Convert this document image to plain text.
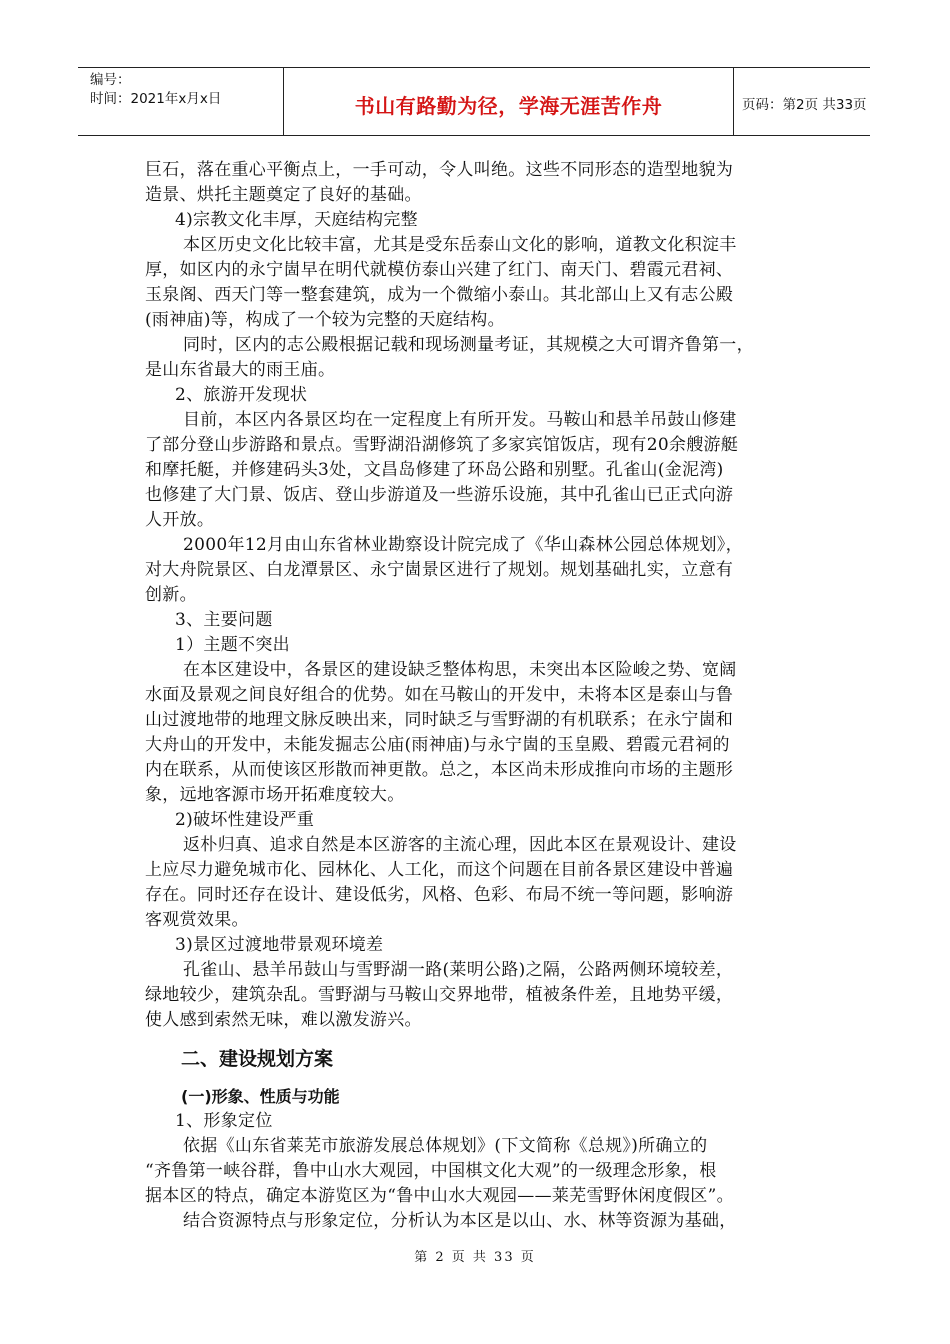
编号：
时间：2021年x月x日	书山有路勤为径，学海无涯苦作舟	页码：第2页 共33页
巨石，落在重心平衡点上，一手可动，令人叫绝。这些不同形态的造型地貌为
造景、烘托主题奠定了良好的基础。
4)宗教文化丰厚，天庭结构完整
本区历史文化比较丰富，尤其是受东岳泰山文化的影响，道教文化积淀丰
厚，如区内的永宁崮早在明代就模仿泰山兴建了红门、南天门、碧霞元君祠、
玉泉阁、西天门等一整套建筑，成为一个微缩小泰山。其北部山上又有志公殿
(雨神庙)等，构成了一个较为完整的天庭结构。
同时，区内的志公殿根据记载和现场测量考证，其规模之大可谓齐鲁第一，
是山东省最大的雨王庙。
2、旅游开发现状
目前，本区内各景区均在一定程度上有所开发。马鞍山和悬羊吊鼓山修建
了部分登山步游路和景点。雪野湖沿湖修筑了多家宾馆饭店，现有20余艘游艇
和摩托艇，并修建码头3处，文昌岛修建了环岛公路和别墅。孔雀山(金泥湾)
也修建了大门景、饭店、登山步游道及一些游乐设施，其中孔雀山已正式向游
人开放。
2000年12月由山东省林业勘察设计院完成了《华山森林公园总体规划》，
对大舟院景区、白龙潭景区、永宁崮景区进行了规划。规划基础扎实，立意有
创新。
3、主要问题
1）主题不突出
在本区建设中，各景区的建设缺乏整体构思，未突出本区险峻之势、宽阔
水面及景观之间良好组合的优势。如在马鞍山的开发中，未将本区是泰山与鲁
山过渡地带的地理文脉反映出来，同时缺乏与雪野湖的有机联系；在永宁崮和
大舟山的开发中，未能发掘志公庙(雨神庙)与永宁崮的玉皇殿、碧霞元君祠的
内在联系，从而使该区形散而神更散。总之，本区尚未形成推向市场的主题形
象，远地客源市场开拓难度较大。
2)破坏性建设严重
返朴归真、追求自然是本区游客的主流心理，因此本区在景观设计、建设
上应尽力避免城市化、园林化、人工化，而这个问题在目前各景区建设中普遍
存在。同时还存在设计、建设低劣，风格、色彩、布局不统一等问题，影响游
客观赏效果。
3)景区过渡地带景观环境差
孔雀山、悬羊吊鼓山与雪野湖一路(莱明公路)之隔，公路两侧环境较差，
绿地较少，建筑杂乱。雪野湖与马鞍山交界地带，植被条件差，且地势平缓，
使人感到索然无味，难以激发游兴。
二、建设规划方案
(一)形象、性质与功能
1、形象定位
依据《山东省莱芜市旅游发展总体规划》(下文简称《总规》)所确立的
“齐鲁第一峡谷群，鲁中山水大观园，中国棋文化大观”的一级理念形象，根
据本区的特点，确定本游览区为“鲁中山水大观园——莱芜雪野休闲度假区”。
结合资源特点与形象定位，分析认为本区是以山、水、林等资源为基础，
第 2 页 共 33 页
